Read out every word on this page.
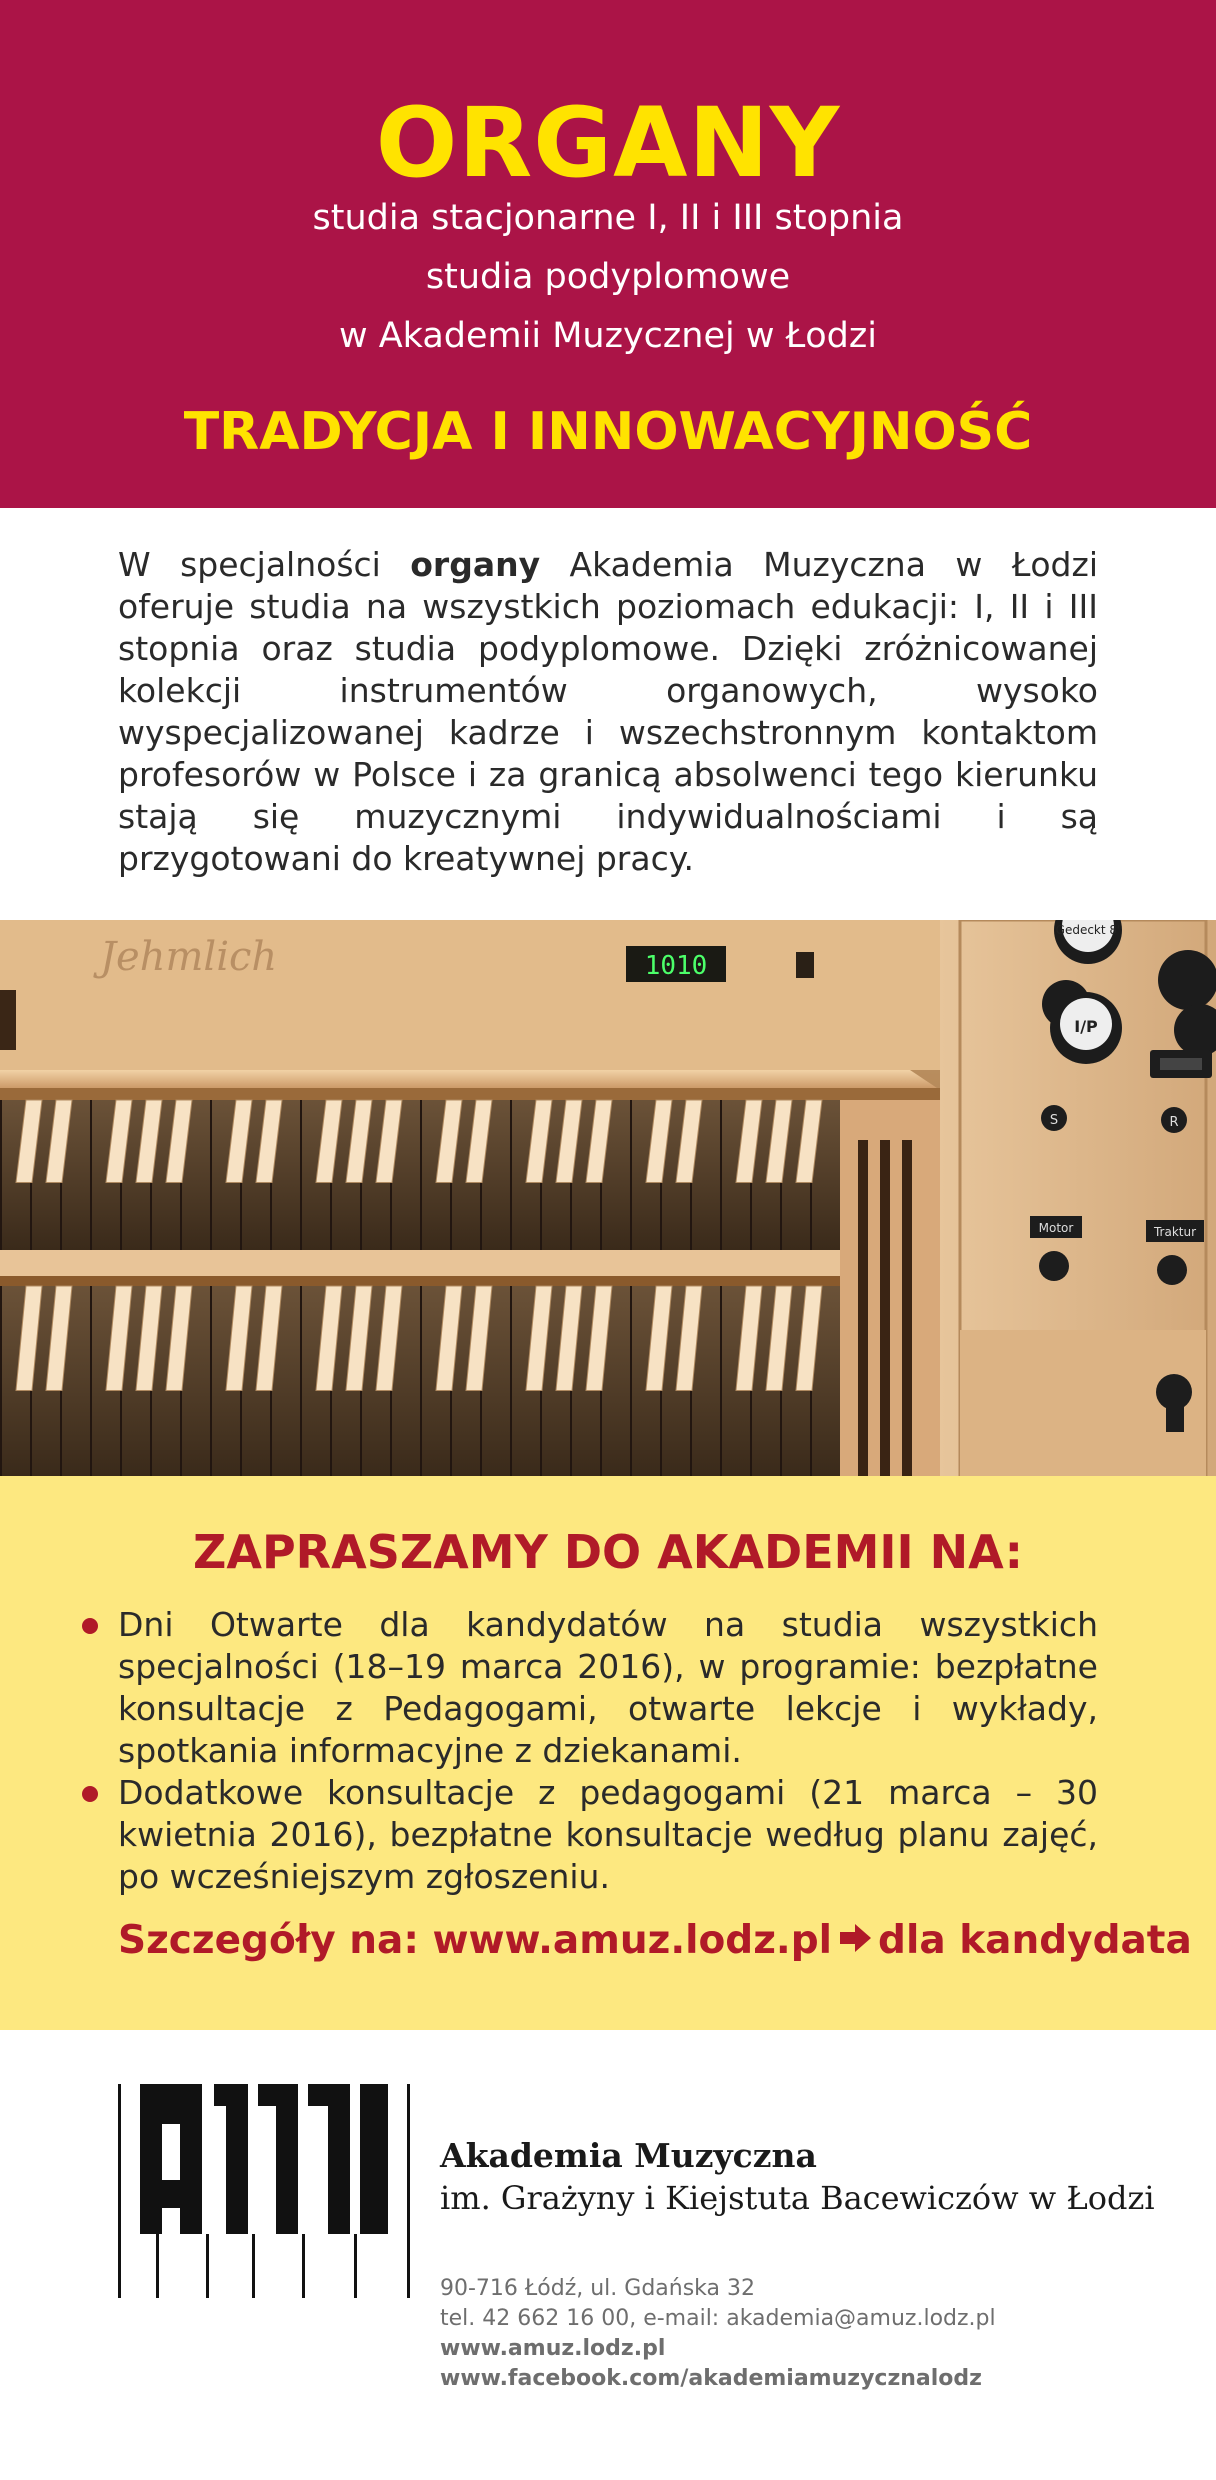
ORGANY
studia stacjonarne I, II i III stopnia
studia podyplomowe
w Akademii Muzycznej w Łodzi
TRADYCJA I INNOWACYJNOŚĆ
W specjalności organy Akademia Muzyczna w Łodzi oferuje studia na wszystkich poziomach edukacji: I, II i III stopnia oraz studia podyplomowe. Dzięki zróżnicowanej kolekcji instrumentów organowych, wysoko wyspecjalizowanej kadrze i wszechstronnym kontaktom profesorów w Polsce i za granicą absolwenci tego kierunku stają się muzycznymi indywidualnościami i są przygotowani do kreatywnej pracy.
Jehmlich	1010
Gedeckt 8'
I/P
S	R
Motor	Traktur
ZAPRASZAMY DO AKADEMII NA:
Dni Otwarte dla kandydatów na studia wszystkich specjalności (18–19 marca 2016), w programie: bezpłatne konsultacje z Pedagogami, otwarte lekcje i wykłady, spotkania informacyjne z dziekanami.
Dodatkowe konsultacje z pedagogami (21 marca – 30 kwietnia 2016), bezpłatne konsultacje według planu zajęć, po wcześniejszym zgłoszeniu.
Szczegóły na: www.amuz.lodz.pl dla kandydata
Akademia Muzyczna
im. Grażyny i Kiejstuta Bacewiczów w Łodzi
90-716 Łódź, ul. Gdańska 32
tel. 42 662 16 00, e-mail: akademia@amuz.lodz.pl
www.amuz.lodz.pl
www.facebook.com/akademiamuzycznalodz
